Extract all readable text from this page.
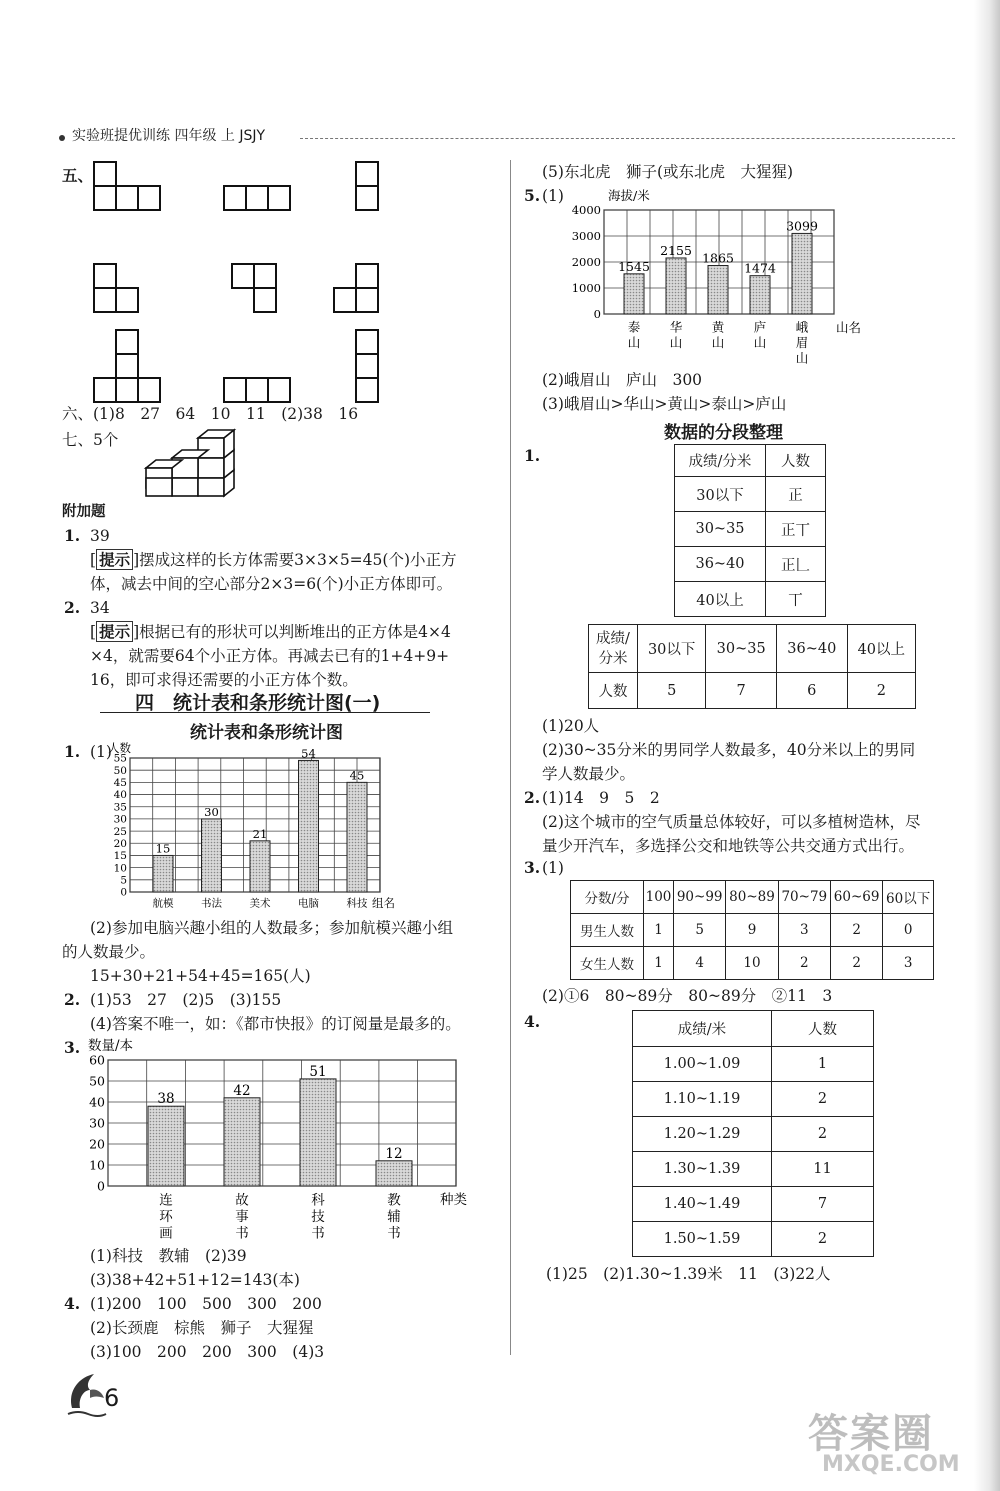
实验班提优训练 四年级 上 JSJY
五、
六、(1)8　27　64　10　11　(2)38　16
七、5个
附加题
1. 39
[ 提示 ]摆成这样的长方体需要3×3×5=45(个)小正方
体，减去中间的空心部分2×3=6(个)小正方体即可。
2. 34
[ 提示 ]根据已有的形状可以判断堆出的正方体是4×4
×4，就需要64个小正方体。再减去已有的1+4+9+
16，即可求得还需要的小正方体个数。
四　统计表和条形统计图(一)
统计表和条形统计图
1. (1)
0
5
10
15
20
25
30
35
40
45
50
55
人数
15
航模
30
书法
21
美术
54
电脑
45
科技 组名
(2)参加电脑兴趣小组的人数最多；参加航模兴趣小组
的人数最少。
15+30+21+54+45=165(人)
2. (1)53　27　(2)5　(3)155
(4)答案不唯一，如：《都市快报》的订阅量是最多的。
3.
0
10
20
30
40
50
60
数量/本
38
连
环
画
42
故
事
书
51
科
技
书
12
教
辅
书
种类
(1)科技　教辅　(2)39
(3)38+42+51+12=143(本)
4. (1)200　100　500　300　200
(2)长颈鹿　棕熊　狮子　大猩猩
(3)100　200　200　300　(4)3
6
(5)东北虎　狮子(或东北虎　大猩猩)
5. (1)
0
1000
2000
3000
4000
海拔/米
1545
泰
山
2155
华
山
1865
黄
山
1474
庐
山
3099
峨
眉
山
山名
(2)峨眉山　庐山　300
(3)峨眉山>华山>黄山>泰山>庐山
数据的分段整理
1.	成绩/分米	人数
30以下	正
30~35	正丅
36~40	正𠃊
40以上	丅
成绩/分米	30以下	30~35	36~40	40以上
人数	5	7	6	2
(1)20人
(2)30~35分米的男同学人数最多，40分米以上的男同
学人数最少。
2. (1)14　9　5　2
(2)这个城市的空气质量总体较好，可以多植树造林，尽
量少开汽车，多选择公交和地铁等公共交通方式出行。
3. (1)
分数/分	100	90~99	80~89	70~79	60~69	60以下
男生人数	1	5	9	3	2	0
女生人数	1	4	10	2	2	3
(2)①6　80~89分　80~89分　②11　3
4.	成绩/米	人数
1.00~1.09	1
1.10~1.19	2
1.20~1.29	2
1.30~1.39	11
1.40~1.49	7
1.50~1.59	2
(1)25　(2)1.30~1.39米　11　(3)22人
答案圈
MXQE.COM
